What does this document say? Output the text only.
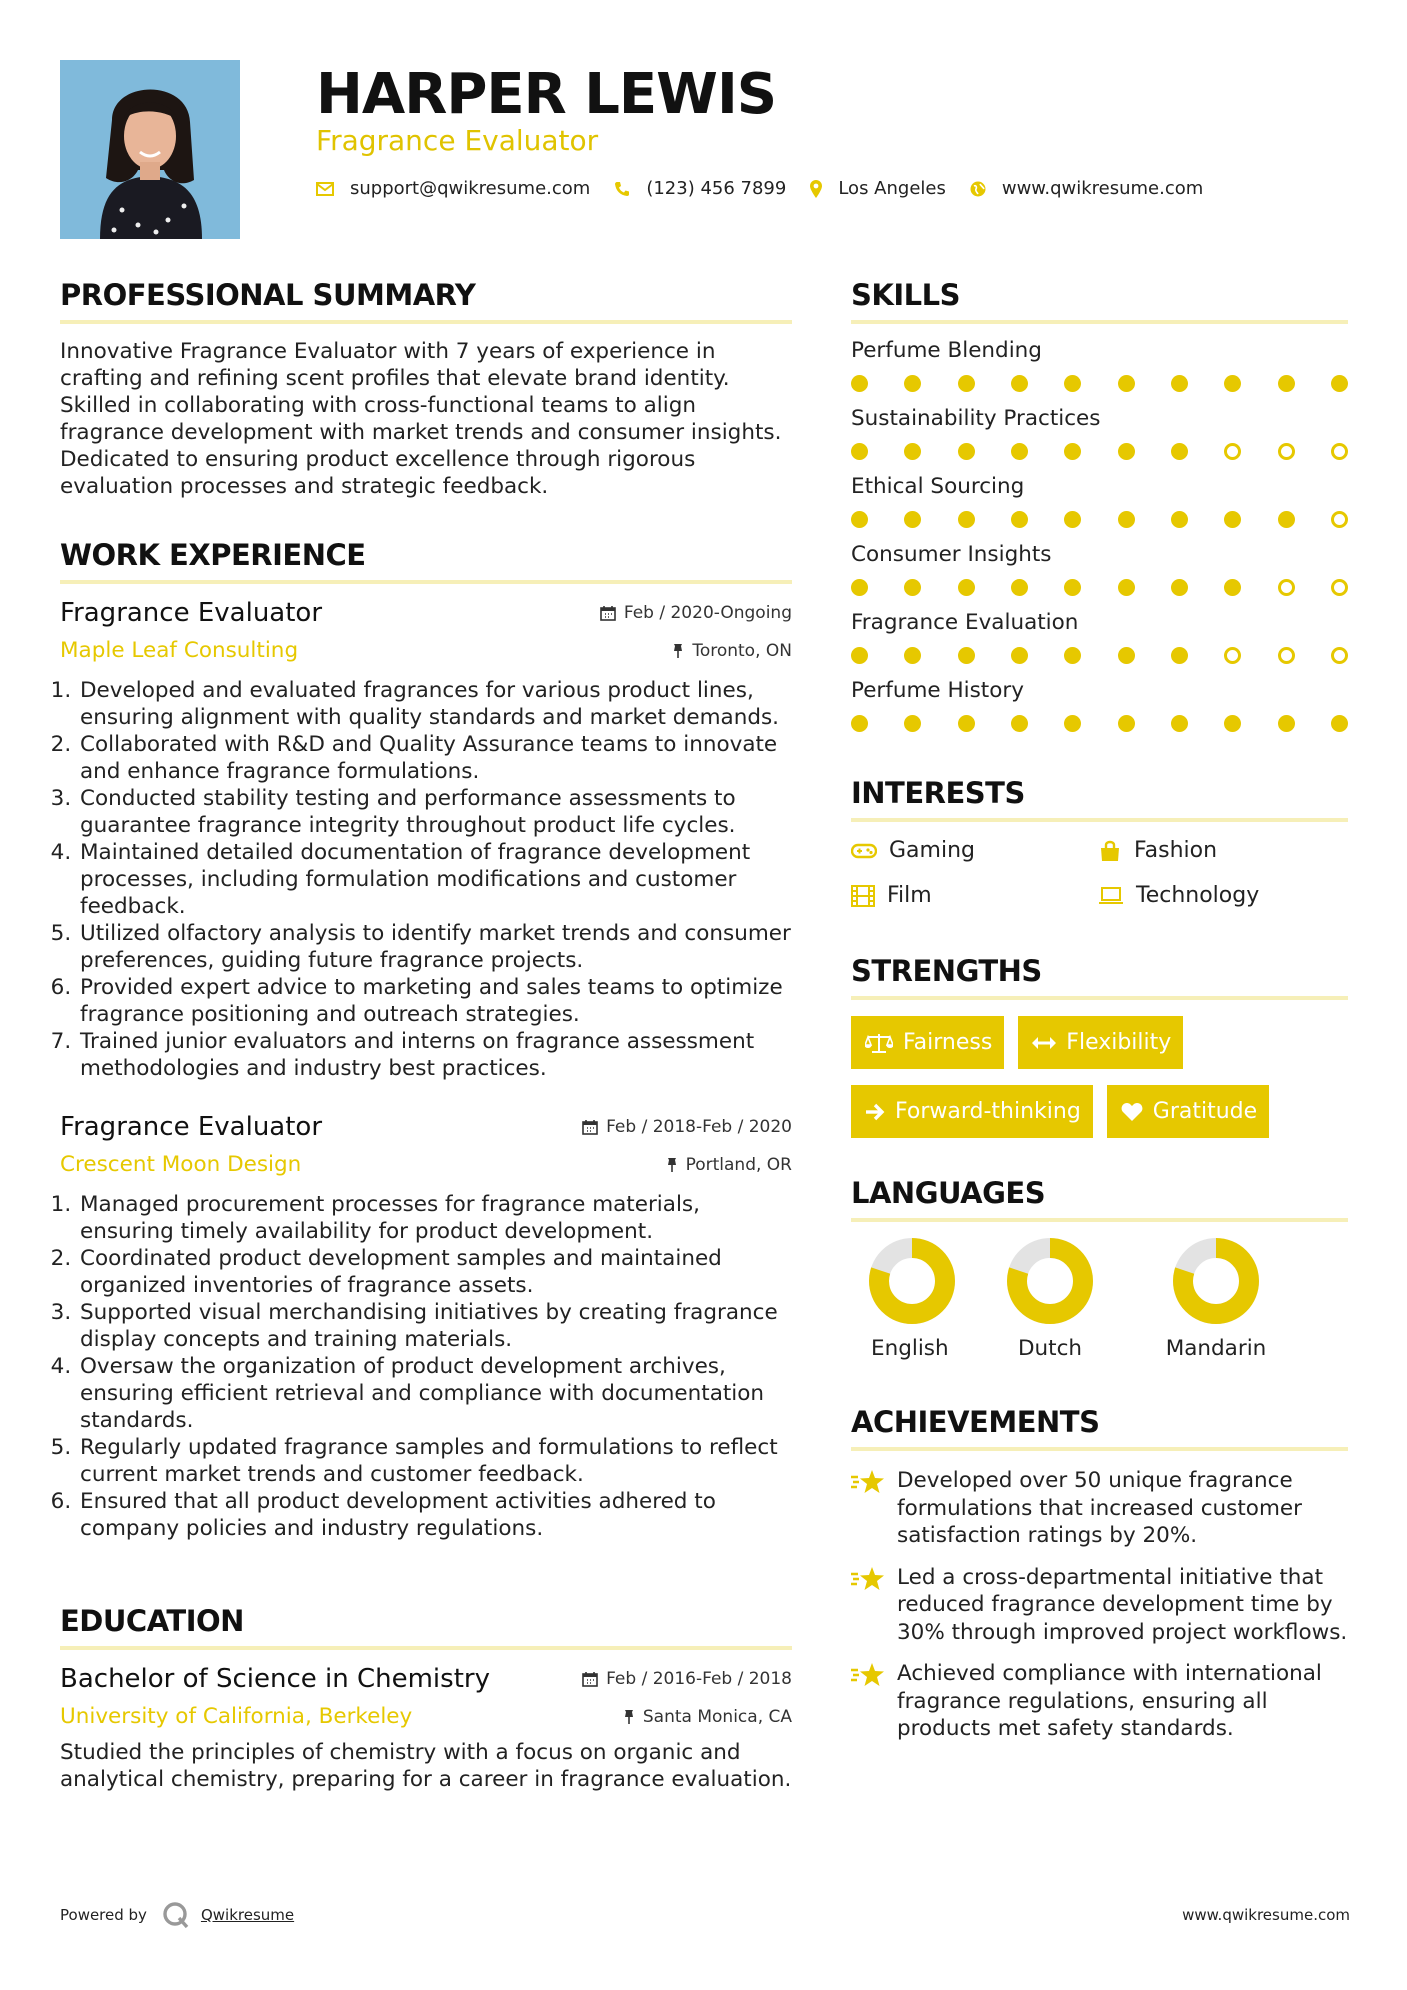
HARPER LEWIS
Fragrance Evaluator
support@qwikresume.com	(123) 456 7899	Los Angeles	www.qwikresume.com
PROFESSIONAL SUMMARY

Innovative Fragrance Evaluator with 7 years of experience in crafting and refining scent profiles that elevate brand identity. Skilled in collaborating with cross-functional teams to align fragrance development with market trends and consumer insights. Dedicated to ensuring product excellence through rigorous evaluation processes and strategic feedback.

WORK EXPERIENCE
Fragrance Evaluator	Feb / 2020-Ongoing
Maple Leaf Consulting	Toronto, ON
1. Developed and evaluated fragrances for various product lines, ensuring alignment with quality standards and market demands.
2. Collaborated with R&D and Quality Assurance teams to innovate and enhance fragrance formulations.
3. Conducted stability testing and performance assessments to guarantee fragrance integrity throughout product life cycles.
4. Maintained detailed documentation of fragrance development processes, including formulation modifications and customer feedback.
5. Utilized olfactory analysis to identify market trends and consumer preferences, guiding future fragrance projects.
6. Provided expert advice to marketing and sales teams to optimize fragrance positioning and outreach strategies.
7. Trained junior evaluators and interns on fragrance assessment methodologies and industry best practices.
Fragrance Evaluator	Feb / 2018-Feb / 2020
Crescent Moon Design	Portland, OR
1. Managed procurement processes for fragrance materials, ensuring timely availability for product development.
2. Coordinated product development samples and maintained organized inventories of fragrance assets.
3. Supported visual merchandising initiatives by creating fragrance display concepts and training materials.
4. Oversaw the organization of product development archives, ensuring efficient retrieval and compliance with documentation standards.
5. Regularly updated fragrance samples and formulations to reflect current market trends and customer feedback.
6. Ensured that all product development activities adhered to company policies and industry regulations.
EDUCATION
Bachelor of Science in Chemistry	Feb / 2016-Feb / 2018
University of California, Berkeley	Santa Monica, CA

Studied the principles of chemistry with a focus on organic and analytical chemistry, preparing for a career in fragrance evaluation.

SKILLS
Perfume Blending
Sustainability Practices
Ethical Sourcing
Consumer Insights
Fragrance Evaluation
Perfume History
INTERESTS
Gaming	Fashion
Film	Technology
STRENGTHS
Fairness	Flexibility
Forward-thinking	Gratitude
LANGUAGES
English	Dutch	Mandarin
ACHIEVEMENTS
Developed over 50 unique fragrance formulations that increased customer satisfaction ratings by 20%.
Led a cross-departmental initiative that reduced fragrance development time by 30% through improved project workflows.
Achieved compliance with international fragrance regulations, ensuring all products met safety standards.
Powered by	Qwikresume	www.qwikresume.com
